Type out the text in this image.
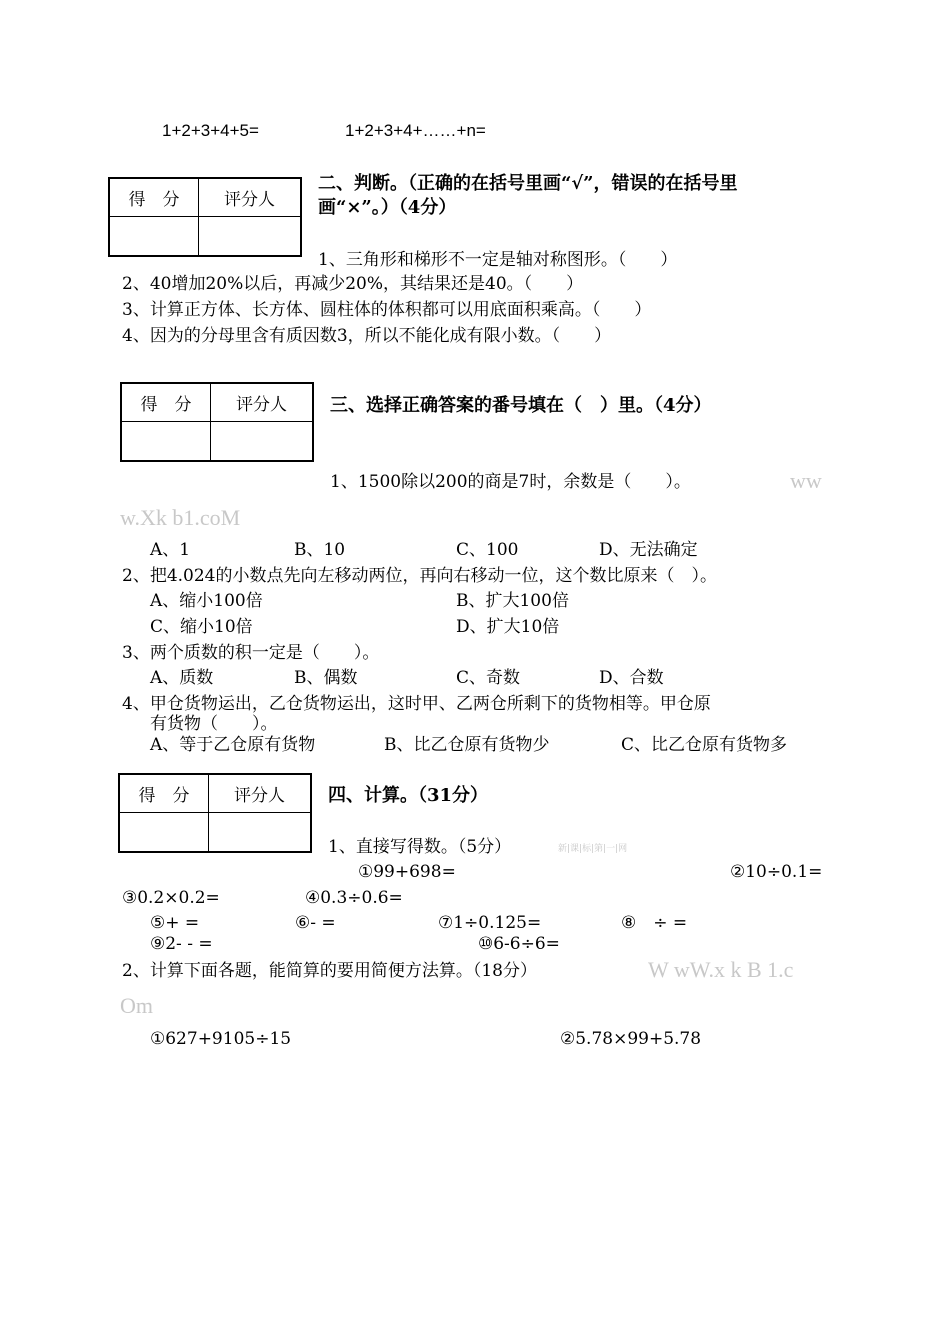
1+2+3+4+5=	1+2+3+4+……+n=
得　分	评分人

二、判断。（正确的在括号里画“√”，错误的在括号里
画“×”。）（4分）
1、三角形和梯形不一定是轴对称图形。（　　）
2、40增加20%以后，再减少20%，其结果还是40。（　　）
3、计算正方体、长方体、圆柱体的体积都可以用底面积乘高。（　　）
4、因为的分母里含有质因数3，所以不能化成有限小数。（　　）
得　分	评分人
	三、选择正确答案的番号填在（　）里。（4分）
1、1500除以200的商是7时，余数是（　　）。	ww
w.Xk b1.coM
A、1	B、10	C、100	D、无法确定
2、把4.024的小数点先向左移动两位，再向右移动一位，这个数比原来（　）。
A、缩小100倍	B、扩大100倍
C、缩小10倍	D、扩大10倍
3、两个质数的积一定是（　　）。
A、质数	B、偶数	C、奇数	D、合数
4、甲仓货物运出，乙仓货物运出，这时甲、乙两仓所剩下的货物相等。甲仓原
有货物（　　）。
A、等于乙仓原有货物	B、比乙仓原有货物少	C、比乙仓原有货物多
得　分	评分人
	四、计算。（31分）
1、直接写得数。（5分）	新|课|标|第|一|网
①99+698=	②10÷0.1=
③0.2×0.2=	④0.3÷0.6=
⑤+ =	⑥- =	⑦1÷0.125=	⑧　÷ =
⑨2- - =	⑩6-6÷6=
2、计算下面各题，能简算的要用简便方法算。（18分）	W wW.x k B 1.c
Om
①627+9105÷15	②5.78×99+5.78
